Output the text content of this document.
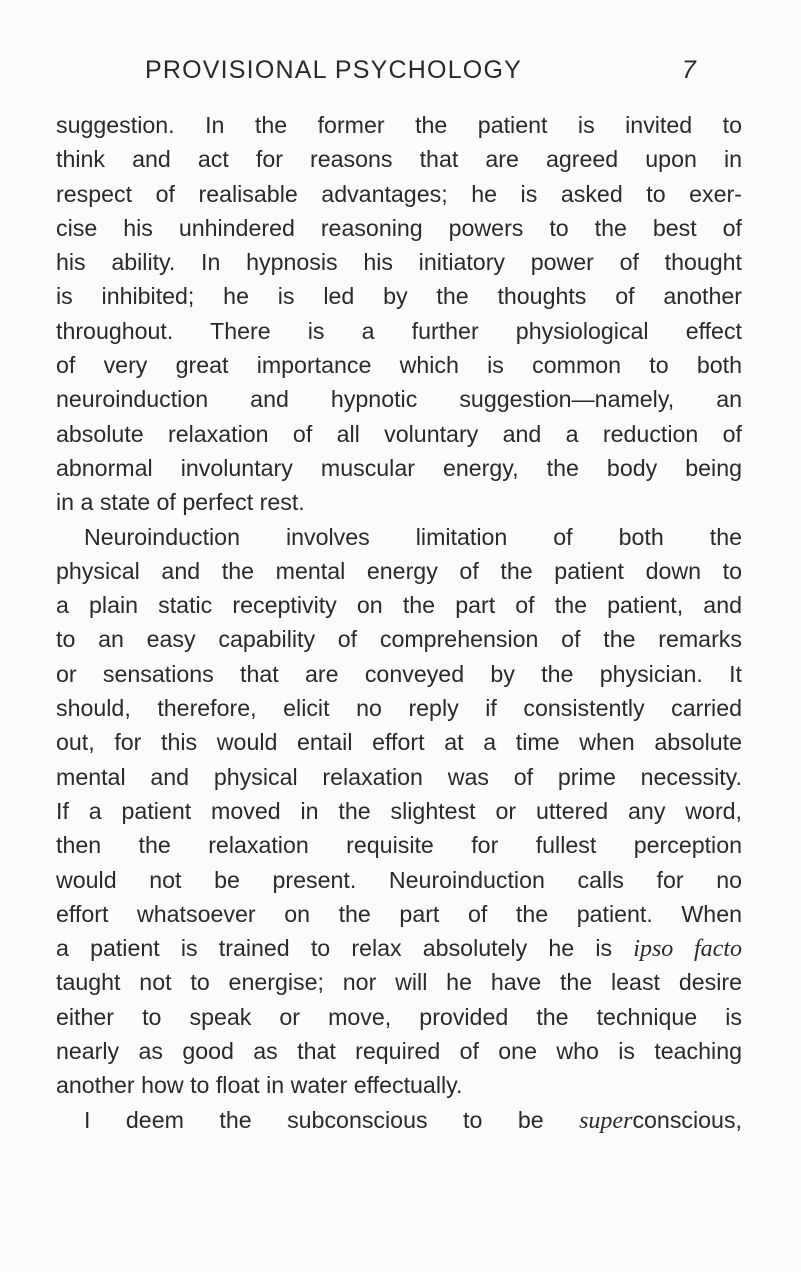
PROVISIONAL PSYCHOLOGY	7
suggestion. In the former the patient is invited to
think and act for reasons that are agreed upon in
respect of realisable advantages; he is asked to exer-
cise his unhindered reasoning powers to the best of
his ability. In hypnosis his initiatory power of thought
is inhibited; he is led by the thoughts of another
throughout. There is a further physiological effect
of very great importance which is common to both
neuroinduction and hypnotic suggestion—namely, an
absolute relaxation of all voluntary and a reduction of
abnormal involuntary muscular energy, the body being
in a state of perfect rest.
Neuroinduction involves limitation of both the
physical and the mental energy of the patient down to
a plain static receptivity on the part of the patient, and
to an easy capability of comprehension of the remarks
or sensations that are conveyed by the physician. It
should, therefore, elicit no reply if consistently carried
out, for this would entail effort at a time when absolute
mental and physical relaxation was of prime necessity.
If a patient moved in the slightest or uttered any word,
then the relaxation requisite for fullest perception
would not be present. Neuroinduction calls for no
effort whatsoever on the part of the patient. When
a patient is trained to relax absolutely he is ipso facto
taught not to energise; nor will he have the least desire
either to speak or move, provided the technique is
nearly as good as that required of one who is teaching
another how to float in water effectually.
I deem the subconscious to be superconscious,
